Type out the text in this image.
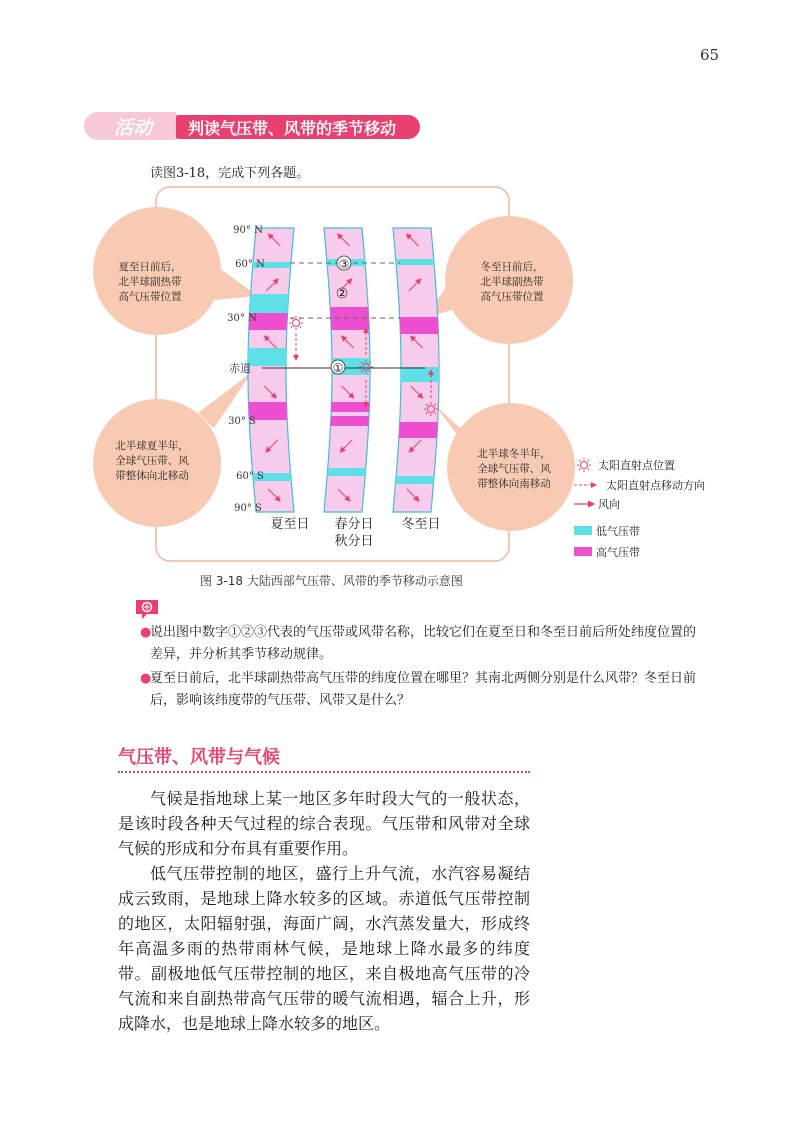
65
活动 判读气压带、风带的季节移动
读图3-18，完成下列各题。
90° N
60° N
30° N
赤道
30° S
60° S
90° S
③
②
①
夏至日 春分日
秋分日
冬至日
夏至日前后，
北半球副热带
高气压带位置
冬至日前后，
北半球副热带
高气压带位置
北半球夏半年，
全球气压带、风
带整体向北移动
北半球冬半年，
全球气压带、风
带整体向南移动
太阳直射点位置
太阳直射点移动方向
风向
低气压带
高气压带
图 3-18 大陆西部气压带、风带的季节移动示意图
●
说出图中数字①②③代表的气压带或风带名称，比较它们在夏至日和冬至日前后所处纬度位置的差异，并分析其季节移动规律。
●
夏至日前后，北半球副热带高气压带的纬度位置在哪里？其南北两侧分别是什么风带？冬至日前后，影响该纬度带的气压带、风带又是什么？
气压带、风带与气候

气候是指地球上某一地区多年时段大气的一般状态，是该时段各种天气过程的综合表现。气压带和风带对全球气候的形成和分布具有重要作用。

低气压带控制的地区，盛行上升气流，水汽容易凝结成云致雨，是地球上降水较多的区域。赤道低气压带控制的地区，太阳辐射强，海面广阔，水汽蒸发量大，形成终年高温多雨的热带雨林气候，是地球上降水最多的纬度带。副极地低气压带控制的地区，来自极地高气压带的冷气流和来自副热带高气压带的暖气流相遇，辐合上升，形成降水，也是地球上降水较多的地区。
